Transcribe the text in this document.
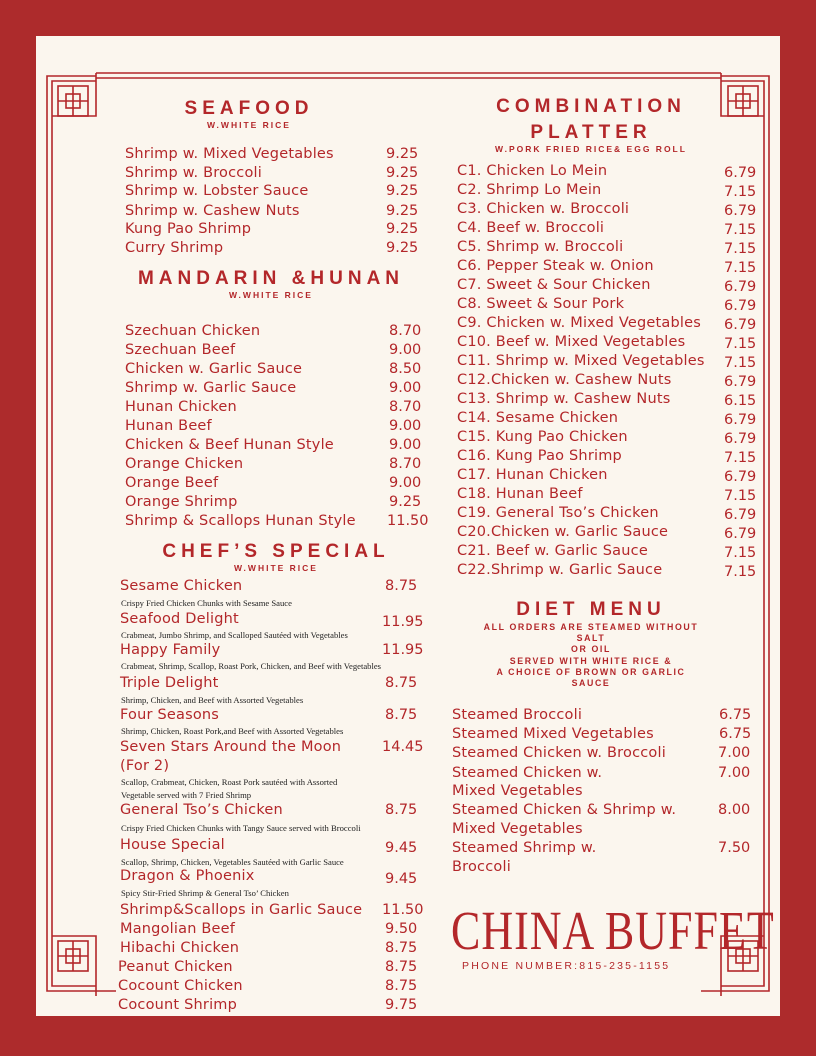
SEAFOOD
W.WHITE RICE
Shrimp w. Mixed Vegetables	9.25
Shrimp w. Broccoli	9.25
Shrimp w. Lobster Sauce	9.25
Shrimp w. Cashew Nuts	9.25
Kung Pao Shrimp	9.25
Curry Shrimp	9.25
MANDARIN &HUNAN
W.WHITE RICE
Szechuan Chicken	8.70
Szechuan Beef	9.00
Chicken w. Garlic Sauce	8.50
Shrimp w. Garlic Sauce	9.00
Hunan Chicken	8.70
Hunan Beef	9.00
Chicken & Beef Hunan Style	9.00
Orange Chicken	8.70
Orange Beef	9.00
Orange Shrimp	9.25
Shrimp & Scallops Hunan Style 11.50
CHEF’S SPECIAL
W.WHITE RICE
Sesame Chicken	8.75
Crispy Fried Chicken Chunks with Sesame Sauce
Seafood Delight	11.95
Crabmeat, Jumbo Shrimp, and Scalloped Sautéed with Vegetables
Happy Family	11.95
Crabmeat, Shrimp, Scallop, Roast Pork, Chicken, and Beef with Vegetables
Triple Delight	8.75
Shrimp, Chicken, and Beef with Assorted Vegetables
Four Seasons	8.75
Shrimp, Chicken, Roast Pork,and Beef with Assorted Vegetables
Seven Stars Around the Moon
(For 2)
14.45
Scallop, Crabmeat, Chicken, Roast Pork sautéed with Assorted
Vegetable served with 7 Fried Shrimp
General Tso’s Chicken	8.75
Crispy Fried Chicken Chunks with Tangy Sauce served with Broccoli
House Special	9.45
Scallop, Shrimp, Chicken, Vegetables Sautéed with Garlic Sauce
Dragon & Phoenix	9.45
Spicy Stir-Fried Shrimp & General Tso’ Chicken
Shrimp&Scallops in Garlic Sauce 11.50
Mangolian Beef	9.50
Hibachi Chicken	8.75
Peanut Chicken	8.75
Cocount Chicken	8.75
Cocount Shrimp	9.75
COMBINATION
PLATTER
W.PORK FRIED RICE& EGG ROLL
C1. Chicken Lo Mein	6.79
C2. Shrimp Lo Mein	7.15
C3. Chicken w. Broccoli	6.79
C4. Beef w. Broccoli	7.15
C5. Shrimp w. Broccoli	7.15
C6. Pepper Steak w. Onion	7.15
C7. Sweet & Sour Chicken	6.79
C8. Sweet & Sour Pork	6.79
C9. Chicken w. Mixed Vegetables 6.79
C10. Beef w. Mixed Vegetables	7.15
C11. Shrimp w. Mixed Vegetables 7.15
C12.Chicken w. Cashew Nuts	6.79
C13. Shrimp w. Cashew Nuts	6.15
C14. Sesame Chicken	6.79
C15. Kung Pao Chicken	6.79
C16. Kung Pao Shrimp	7.15
C17. Hunan Chicken	6.79
C18. Hunan Beef	7.15
C19. General Tso’s Chicken	6.79
C20.Chicken w. Garlic Sauce	6.79
C21. Beef w. Garlic Sauce	7.15
C22.Shrimp w. Garlic Sauce	7.15
DIET MENU
ALL ORDERS ARE STEAMED WITHOUT
SALT
OR OIL
SERVED WITH WHITE RICE &
A CHOICE OF BROWN OR GARLIC
SAUCE
Steamed Broccoli	6.75
Steamed Mixed Vegetables	6.75
Steamed Chicken w. Broccoli	7.00
Steamed Chicken w.
Mixed Vegetables
7.00
Steamed Chicken & Shrimp w.
Mixed Vegetables
8.00
Steamed Shrimp w.
Broccoli
7.50
CHINA BUFFET
PHONE NUMBER:815-235-1155
